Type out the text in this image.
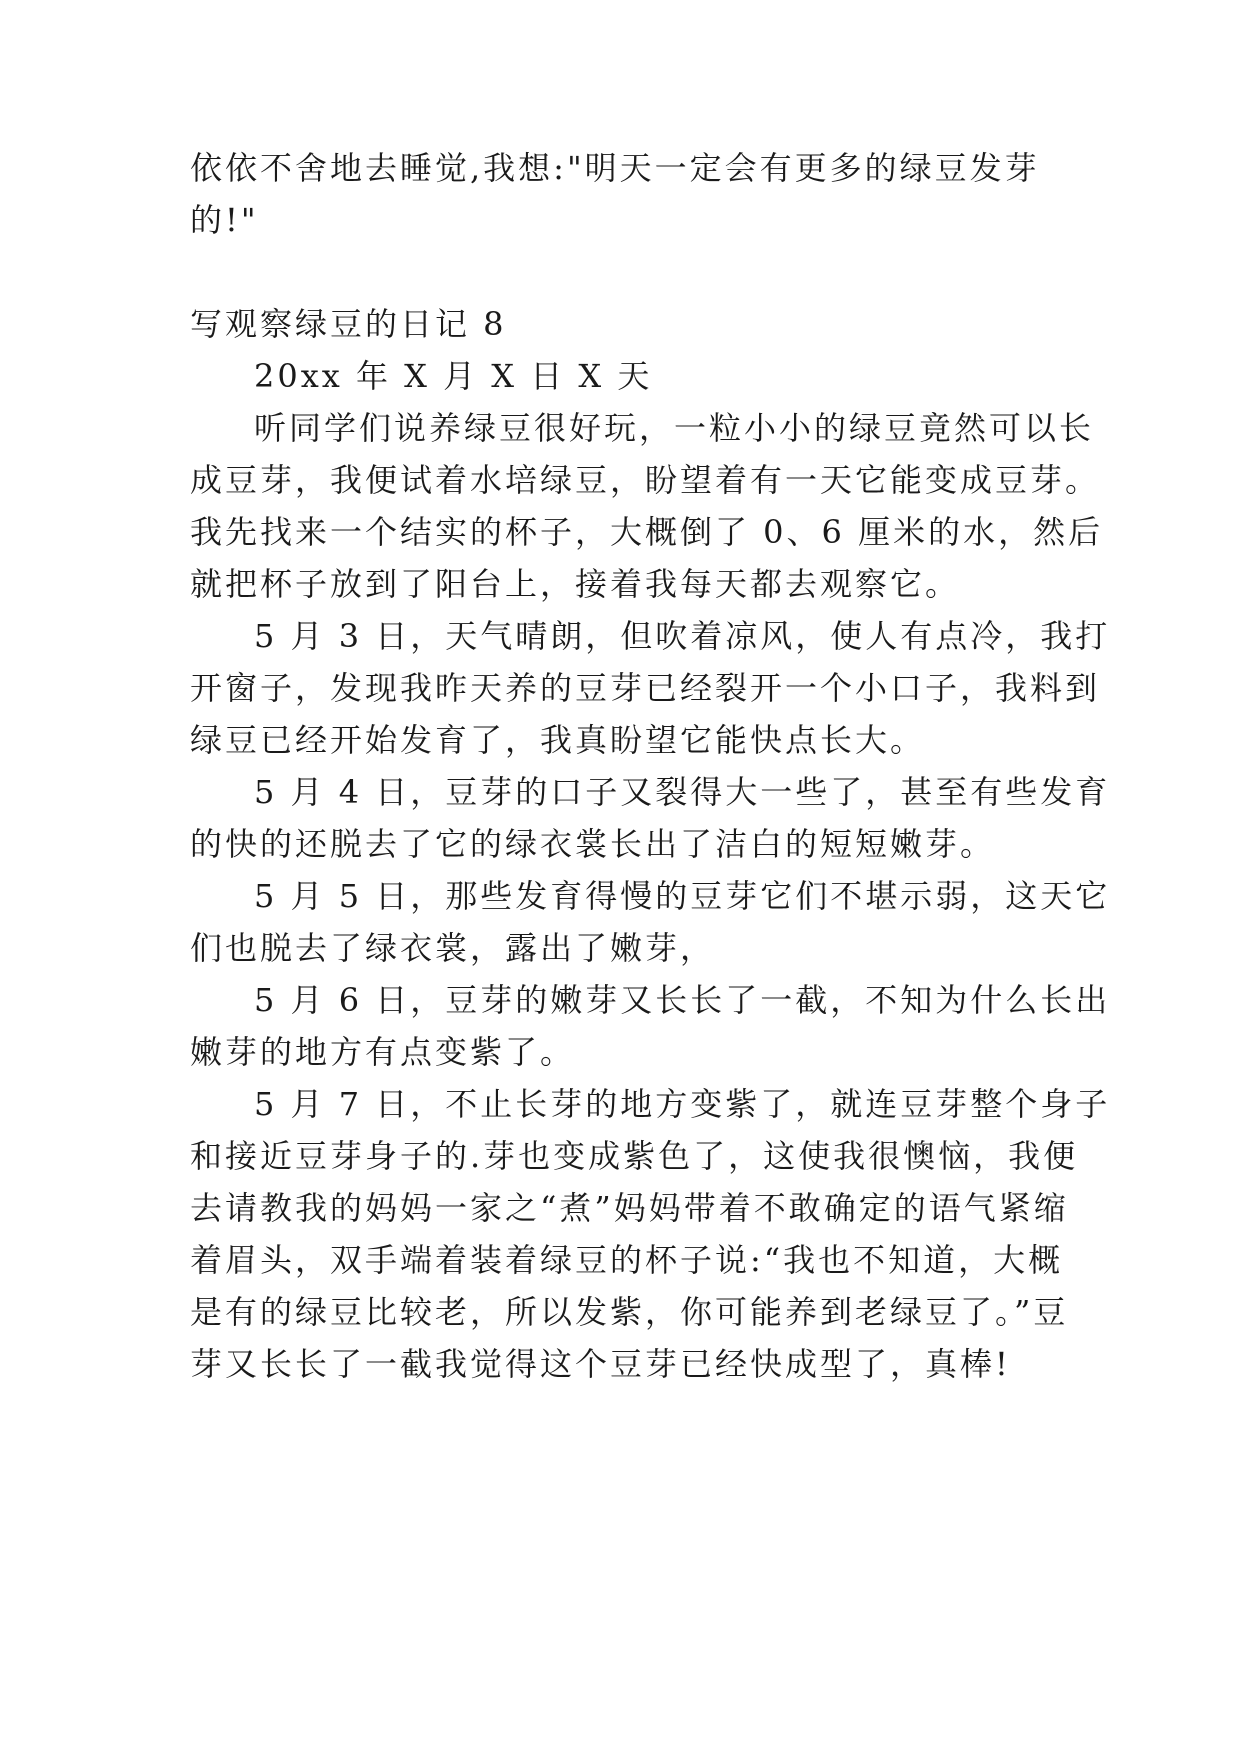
依依不舍地去睡觉,我想:"明天一定会有更多的绿豆发芽
的!"
写观察绿豆的日记 8
20xx 年 X 月 X 日 X 天
听同学们说养绿豆很好玩，一粒小小的绿豆竟然可以长
成豆芽，我便试着水培绿豆，盼望着有一天它能变成豆芽。
我先找来一个结实的杯子，大概倒了 0、6 厘米的水，然后
就把杯子放到了阳台上，接着我每天都去观察它。
5 月 3 日，天气晴朗，但吹着凉风，使人有点冷，我打
开窗子，发现我昨天养的豆芽已经裂开一个小口子，我料到
绿豆已经开始发育了，我真盼望它能快点长大。
5 月 4 日，豆芽的口子又裂得大一些了，甚至有些发育
的快的还脱去了它的绿衣裳长出了洁白的短短嫩芽。
5 月 5 日，那些发育得慢的豆芽它们不堪示弱，这天它
们也脱去了绿衣裳，露出了嫩芽，
5 月 6 日，豆芽的嫩芽又长长了一截，不知为什么长出
嫩芽的地方有点变紫了。
5 月 7 日，不止长芽的地方变紫了，就连豆芽整个身子
和接近豆芽身子的.芽也变成紫色了，这使我很懊恼，我便
去请教我的妈妈一家之“煮”妈妈带着不敢确定的语气紧缩
着眉头，双手端着装着绿豆的杯子说:“我也不知道，大概
是有的绿豆比较老，所以发紫，你可能养到老绿豆了。”豆
芽又长长了一截我觉得这个豆芽已经快成型了，真棒!
